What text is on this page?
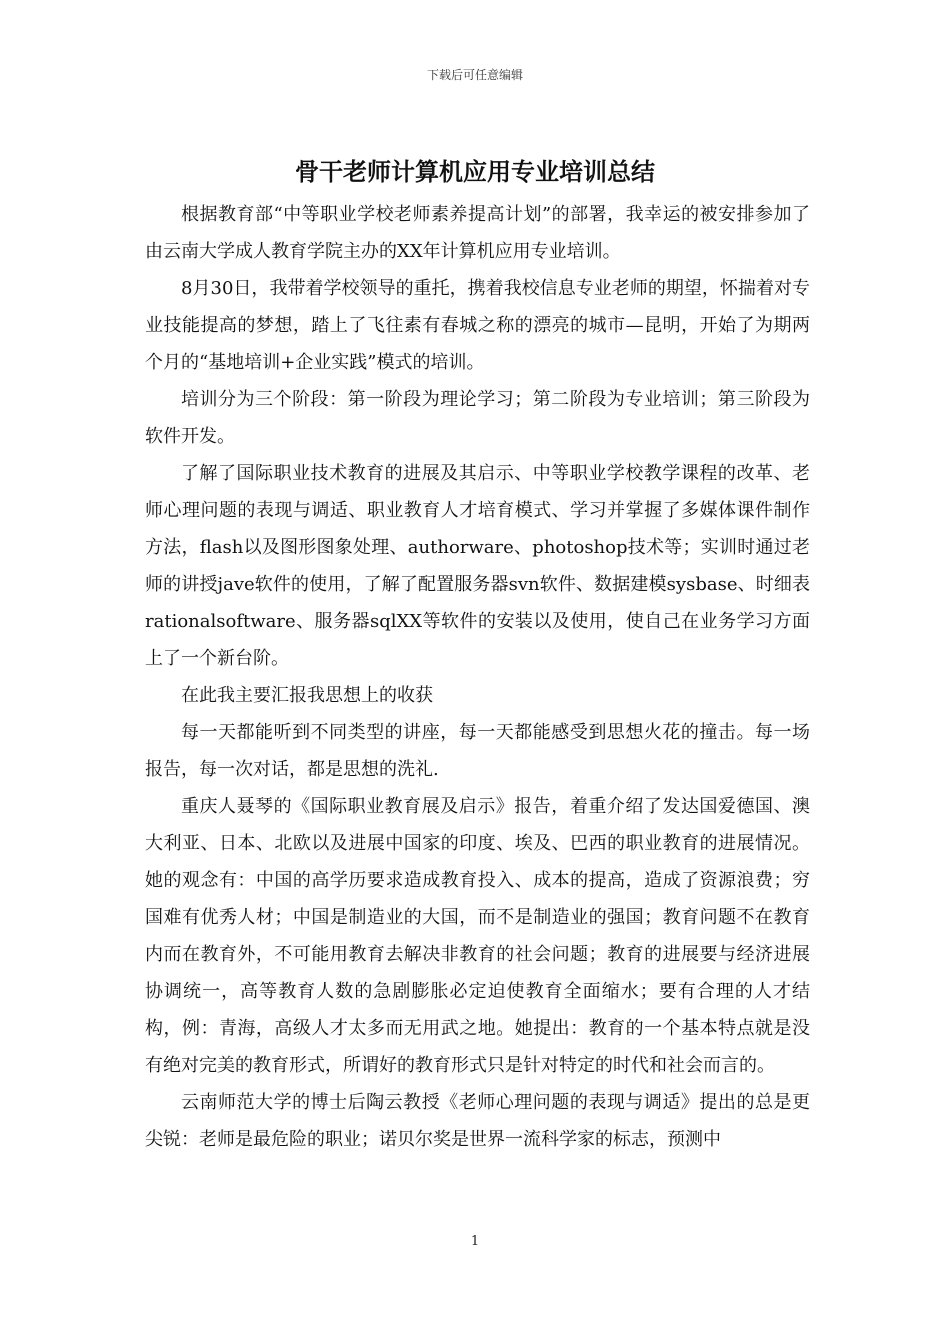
下载后可任意编辑
骨干老师计算机应用专业培训总结

根据教育部“中等职业学校老师素养提高计划”的部署，我幸运的被安排参加了由云南大学成人教育学院主办的XX年计算机应用专业培训。

8月30日，我带着学校领导的重托，携着我校信息专业老师的期望，怀揣着对专业技能提高的梦想，踏上了飞往素有春城之称的漂亮的城市—昆明，开始了为期两个月的“基地培训+企业实践”模式的培训。

培训分为三个阶段：第一阶段为理论学习；第二阶段为专业培训；第三阶段为软件开发。

了解了国际职业技术教育的进展及其启示、中等职业学校教学课程的改革、老师心理问题的表现与调适、职业教育人才培育模式、学习并掌握了多媒体课件制作方法，flash以及图形图象处理、authorware、photoshop技术等；实训时通过老师的讲授jave软件的使用，了解了配置服务器svn软件、数据建模sysbase、时细表rationalsoftware、服务器sqlXX等软件的安装以及使用，使自己在业务学习方面上了一个新台阶。

在此我主要汇报我思想上的收获

每一天都能听到不同类型的讲座，每一天都能感受到思想火花的撞击。每一场报告，每一次对话，都是思想的洗礼.

重庆人聂琴的《国际职业教育展及启示》报告，着重介绍了发达国爱德国、澳大利亚、日本、北欧以及进展中国家的印度、埃及、巴西的职业教育的进展情况。她的观念有：中国的高学历要求造成教育投入、成本的提高，造成了资源浪费；穷国难有优秀人材；中国是制造业的大国，而不是制造业的强国；教育问题不在教育内而在教育外，不可能用教育去解决非教育的社会问题；教育的进展要与经济进展协调统一，高等教育人数的急剧膨胀必定迫使教育全面缩水；要有合理的人才结构，例：青海，高级人才太多而无用武之地。她提出：教育的一个基本特点就是没有绝对完美的教育形式，所谓好的教育形式只是针对特定的时代和社会而言的。

云南师范大学的博士后陶云教授《老师心理问题的表现与调适》提出的总是更尖锐：老师是最危险的职业；诺贝尔奖是世界一流科学家的标志，预测中

1
